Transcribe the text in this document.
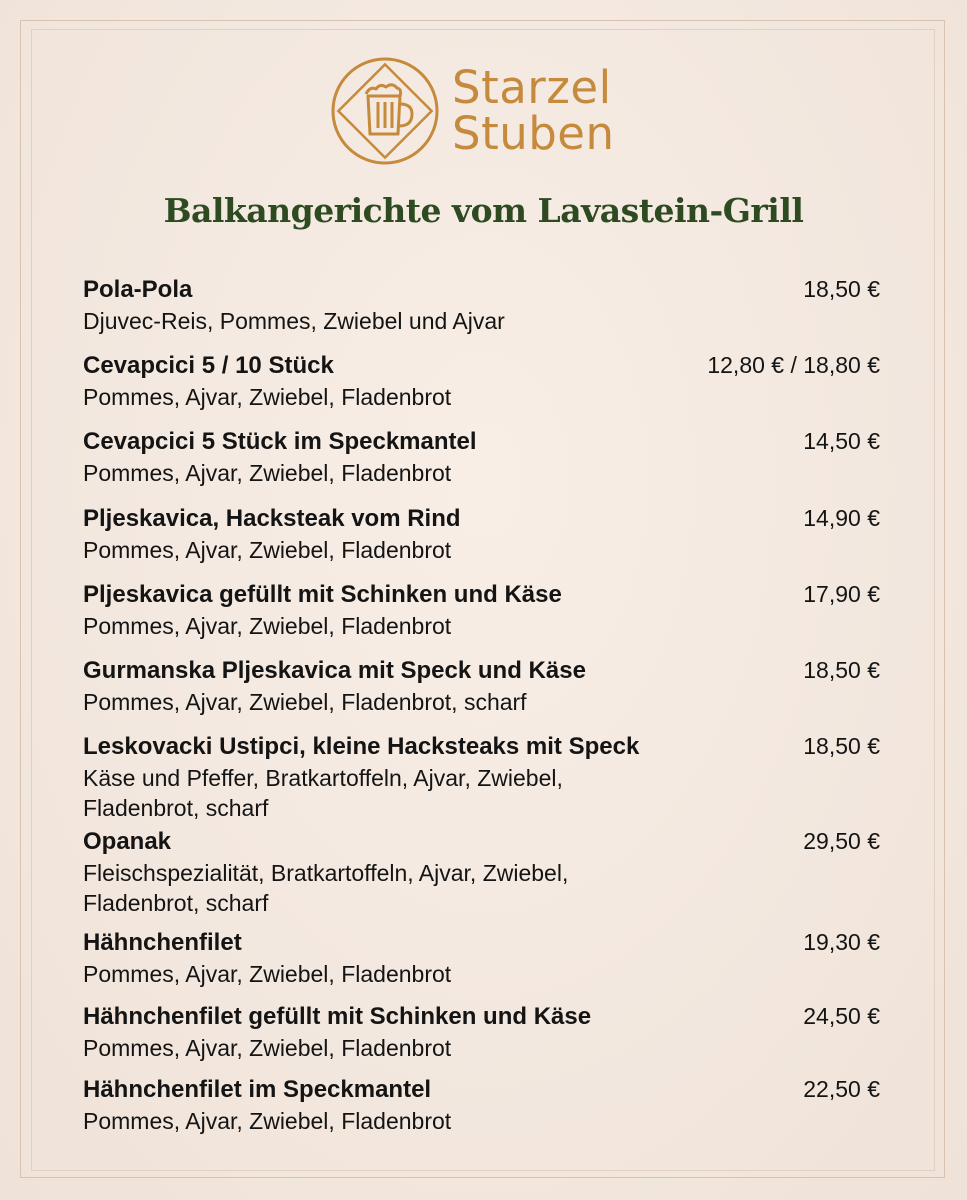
Starzel
Stuben
Balkangerichte vom Lavastein-Grill
Pola-Pola	18,50 €
Djuvec-Reis, Pommes, Zwiebel und Ajvar
Cevapcici 5 / 10 Stück	12,80 € / 18,80 €
Pommes, Ajvar, Zwiebel, Fladenbrot
Cevapcici 5 Stück im Speckmantel	14,50 €
Pommes, Ajvar, Zwiebel, Fladenbrot
Pljeskavica, Hacksteak vom Rind	14,90 €
Pommes, Ajvar, Zwiebel, Fladenbrot
Pljeskavica gefüllt mit Schinken und Käse	17,90 €
Pommes, Ajvar, Zwiebel, Fladenbrot
Gurmanska Pljeskavica mit Speck und Käse	18,50 €
Pommes, Ajvar, Zwiebel, Fladenbrot, scharf
Leskovacki Ustipci, kleine Hacksteaks mit Speck	18,50 €
Käse und Pfeffer, Bratkartoffeln, Ajvar, Zwiebel, Fladenbrot, scharf
Opanak	29,50 €
Fleischspezialität, Bratkartoffeln, Ajvar, Zwiebel, Fladenbrot, scharf
Hähnchenfilet	19,30 €
Pommes, Ajvar, Zwiebel, Fladenbrot
Hähnchenfilet gefüllt mit Schinken und Käse	24,50 €
Pommes, Ajvar, Zwiebel, Fladenbrot
Hähnchenfilet im Speckmantel	22,50 €
Pommes, Ajvar, Zwiebel, Fladenbrot
